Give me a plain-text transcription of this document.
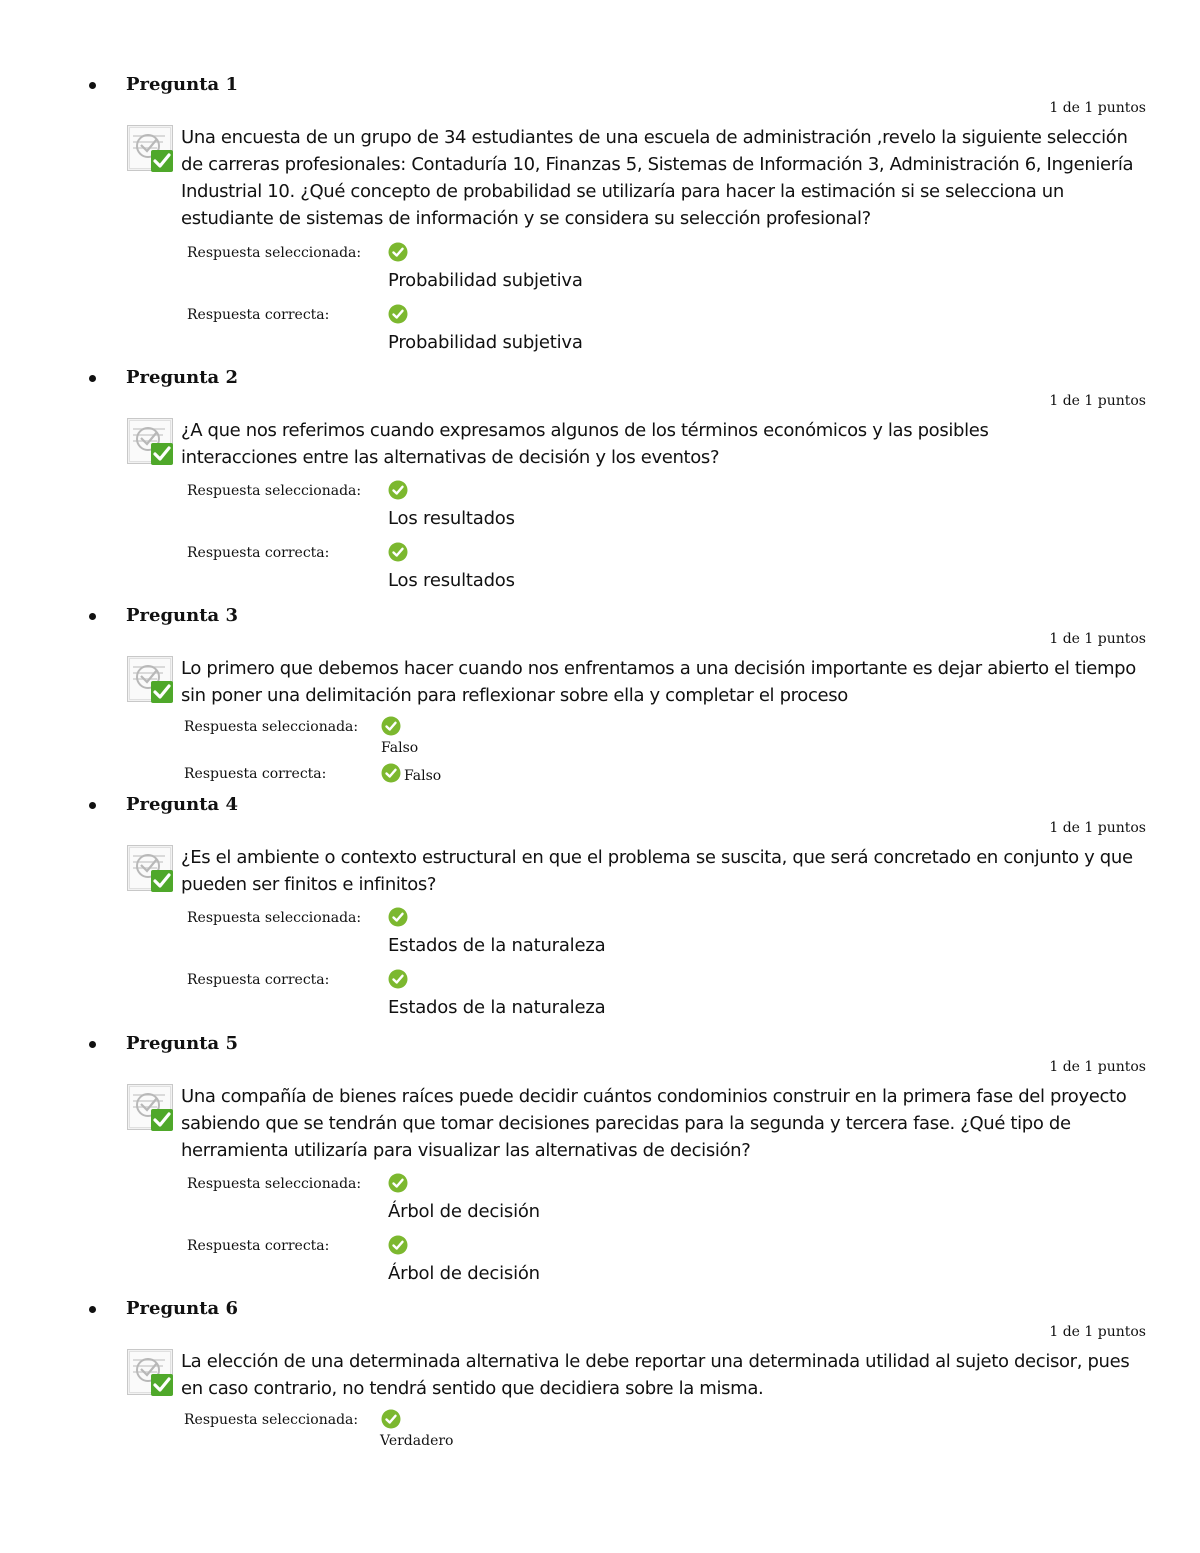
Pregunta 1
1 de 1 puntos
Una encuesta de un grupo de 34 estudiantes de una escuela de administración ,revelo la siguiente selección de carreras profesionales: Contaduría 10, Finanzas 5, Sistemas de Información 3, Administración 6, Ingeniería Industrial 10. ¿Qué concepto de probabilidad se utilizaría para hacer la estimación si se selecciona un estudiante de sistemas de información y se considera su selección profesional?
Respuesta seleccionada:
Probabilidad subjetiva
Respuesta correcta:
Probabilidad subjetiva
Pregunta 2
1 de 1 puntos
¿A que nos referimos cuando expresamos algunos de los términos económicos y las posibles interacciones entre las alternativas de decisión y los eventos?
Respuesta seleccionada:
Los resultados
Respuesta correcta:
Los resultados
Pregunta 3
1 de 1 puntos
Lo primero que debemos hacer cuando nos enfrentamos a una decisión importante es dejar abierto el tiempo sin poner una delimitación para reflexionar sobre ella y completar el proceso
Respuesta seleccionada:
Falso
Respuesta correcta:	Falso
Pregunta 4
1 de 1 puntos
¿Es el ambiente o contexto estructural en que el problema se suscita, que será concretado en conjunto y que pueden ser finitos e infinitos?
Respuesta seleccionada:
Estados de la naturaleza
Respuesta correcta:
Estados de la naturaleza
Pregunta 5
1 de 1 puntos
Una compañía de bienes raíces puede decidir cuántos condominios construir en la primera fase del proyecto sabiendo que se tendrán que tomar decisiones parecidas para la segunda y tercera fase. ¿Qué tipo de herramienta utilizaría para visualizar las alternativas de decisión?
Respuesta seleccionada:
Árbol de decisión
Respuesta correcta:
Árbol de decisión
Pregunta 6
1 de 1 puntos
La elección de una determinada alternativa le debe reportar una determinada utilidad al sujeto decisor, pues en caso contrario, no tendrá sentido que decidiera sobre la misma.
Respuesta seleccionada:
Verdadero
